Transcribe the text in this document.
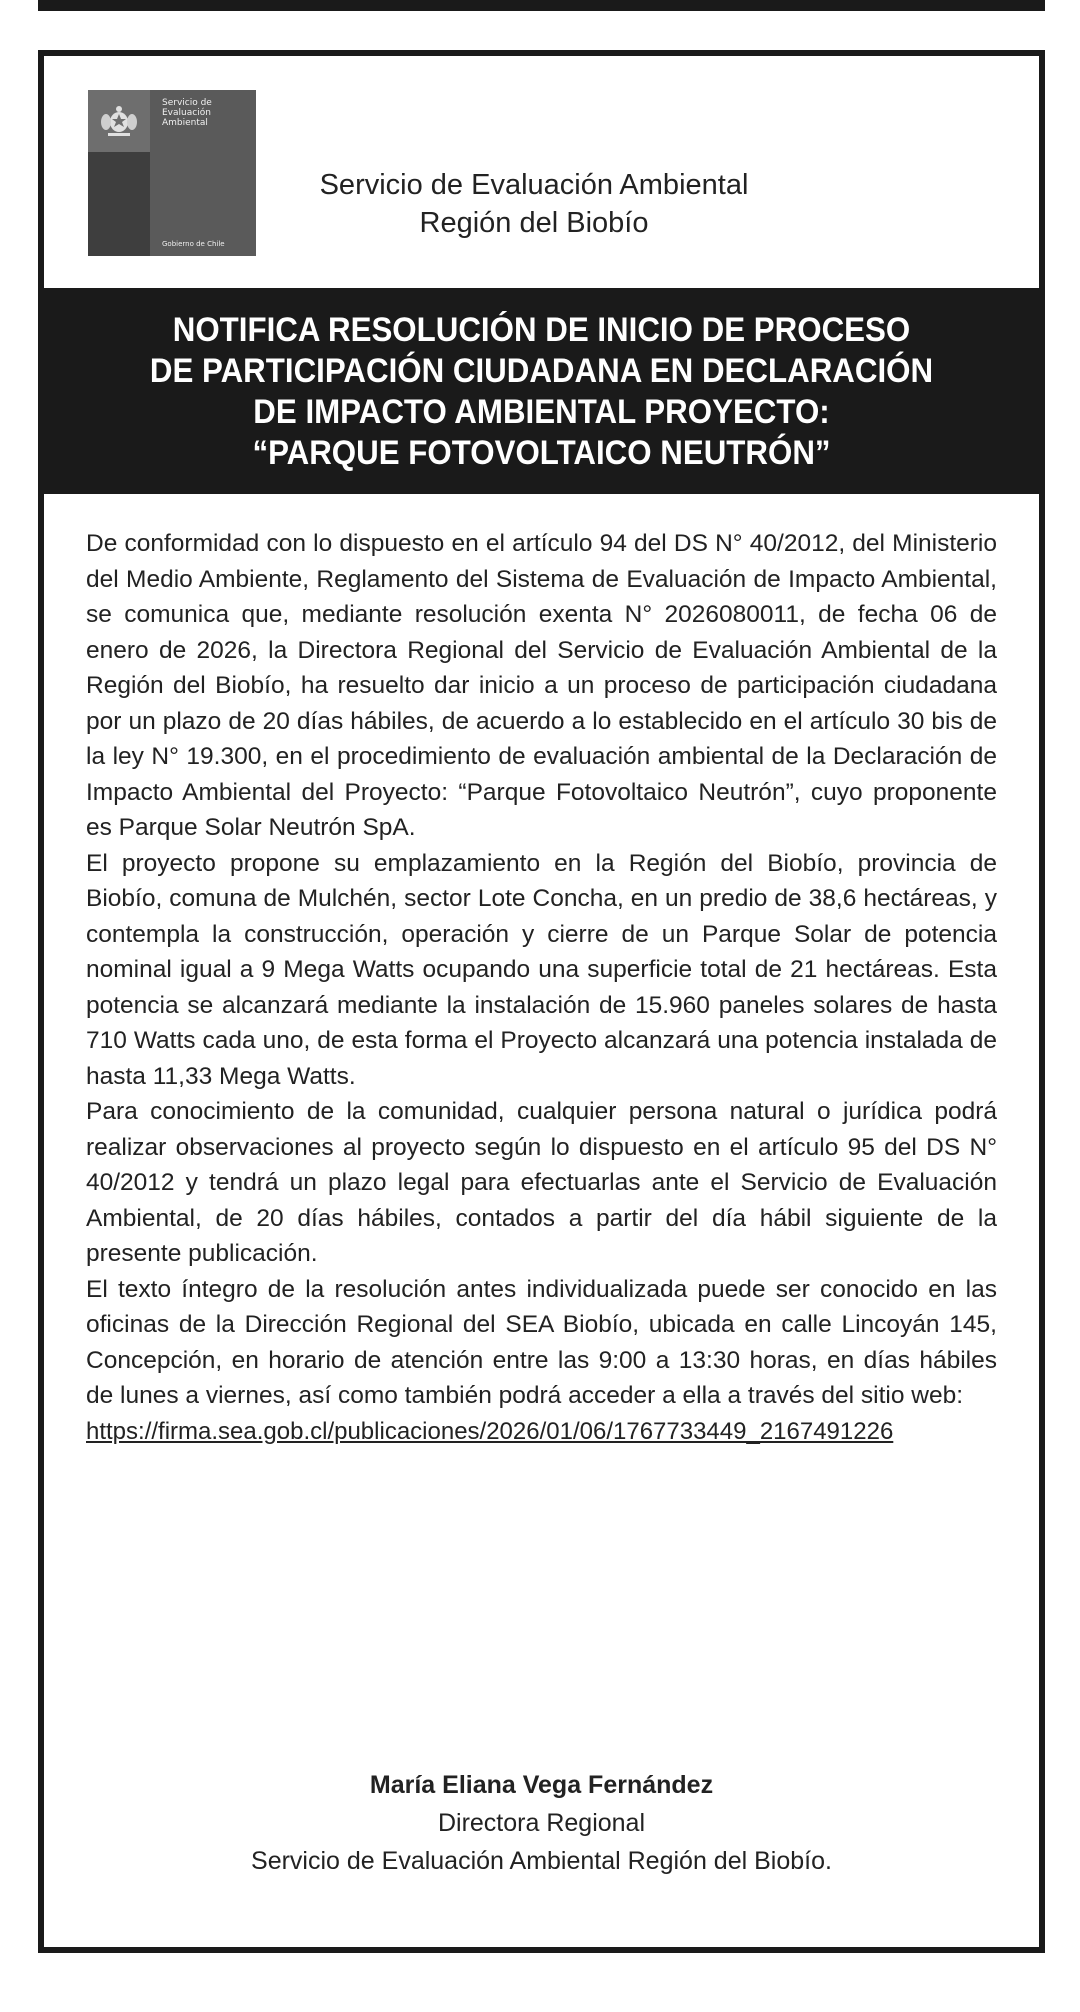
Servicio de
Evaluación
Ambiental
Gobierno de Chile
Servicio de Evaluación Ambiental
Región del Biobío
NOTIFICA RESOLUCIÓN DE INICIO DE PROCESO
DE PARTICIPACIÓN CIUDADANA EN DECLARACIÓN
DE IMPACTO AMBIENTAL PROYECTO:
“PARQUE FOTOVOLTAICO NEUTRÓN”

De conformidad con lo dispuesto en el artículo 94 del DS N° 40/2012, del Ministerio del Medio Ambiente, Reglamento del Sistema de Evaluación de Impacto Ambiental, se comunica que, mediante resolución exenta N° 2026080011, de fecha 06 de enero de 2026, la Directora Regional del Servicio de Evaluación Ambiental de la Región del Biobío, ha resuelto dar inicio a un proceso de participación ciudadana por un plazo de 20 días hábiles, de acuerdo a lo establecido en el artículo 30 bis de la ley N° 19.300, en el procedimiento de evaluación ambiental de la Declaración de Impacto Ambiental del Proyecto: “Parque Fotovoltaico Neutrón”, cuyo proponente es Parque Solar Neutrón SpA.

El proyecto propone su emplazamiento en la Región del Biobío, provincia de Biobío, comuna de Mulchén, sector Lote Concha, en un predio de 38,6 hectáreas, y contempla la construcción, operación y cierre de un Parque Solar de potencia nominal igual a 9 Mega Watts ocupando una superficie total de 21 hectáreas. Esta potencia se alcanzará mediante la instalación de 15.960 paneles solares de hasta 710 Watts cada uno, de esta forma el Proyecto alcanzará una potencia instalada de hasta 11,33 Mega Watts.

Para conocimiento de la comunidad, cualquier persona natural o jurídica podrá realizar observaciones al proyecto según lo dispuesto en el artículo 95 del DS N° 40/2012 y tendrá un plazo legal para efectuarlas ante el Servicio de Evaluación Ambiental, de 20 días hábiles, contados a partir del día hábil siguiente de la presente publicación.

El texto íntegro de la resolución antes individualizada puede ser conocido en las oficinas de la Dirección Regional del SEA Biobío, ubicada en calle Lincoyán 145, Concepción, en horario de atención entre las 9:00 a 13:30 horas, en días hábiles de lunes a viernes, así como también podrá acceder a ella a través del sitio web:

https://firma.sea.gob.cl/publicaciones/2026/01/06/1767733449_2167491226
María Eliana Vega Fernández
Directora Regional
Servicio de Evaluación Ambiental Región del Biobío.
